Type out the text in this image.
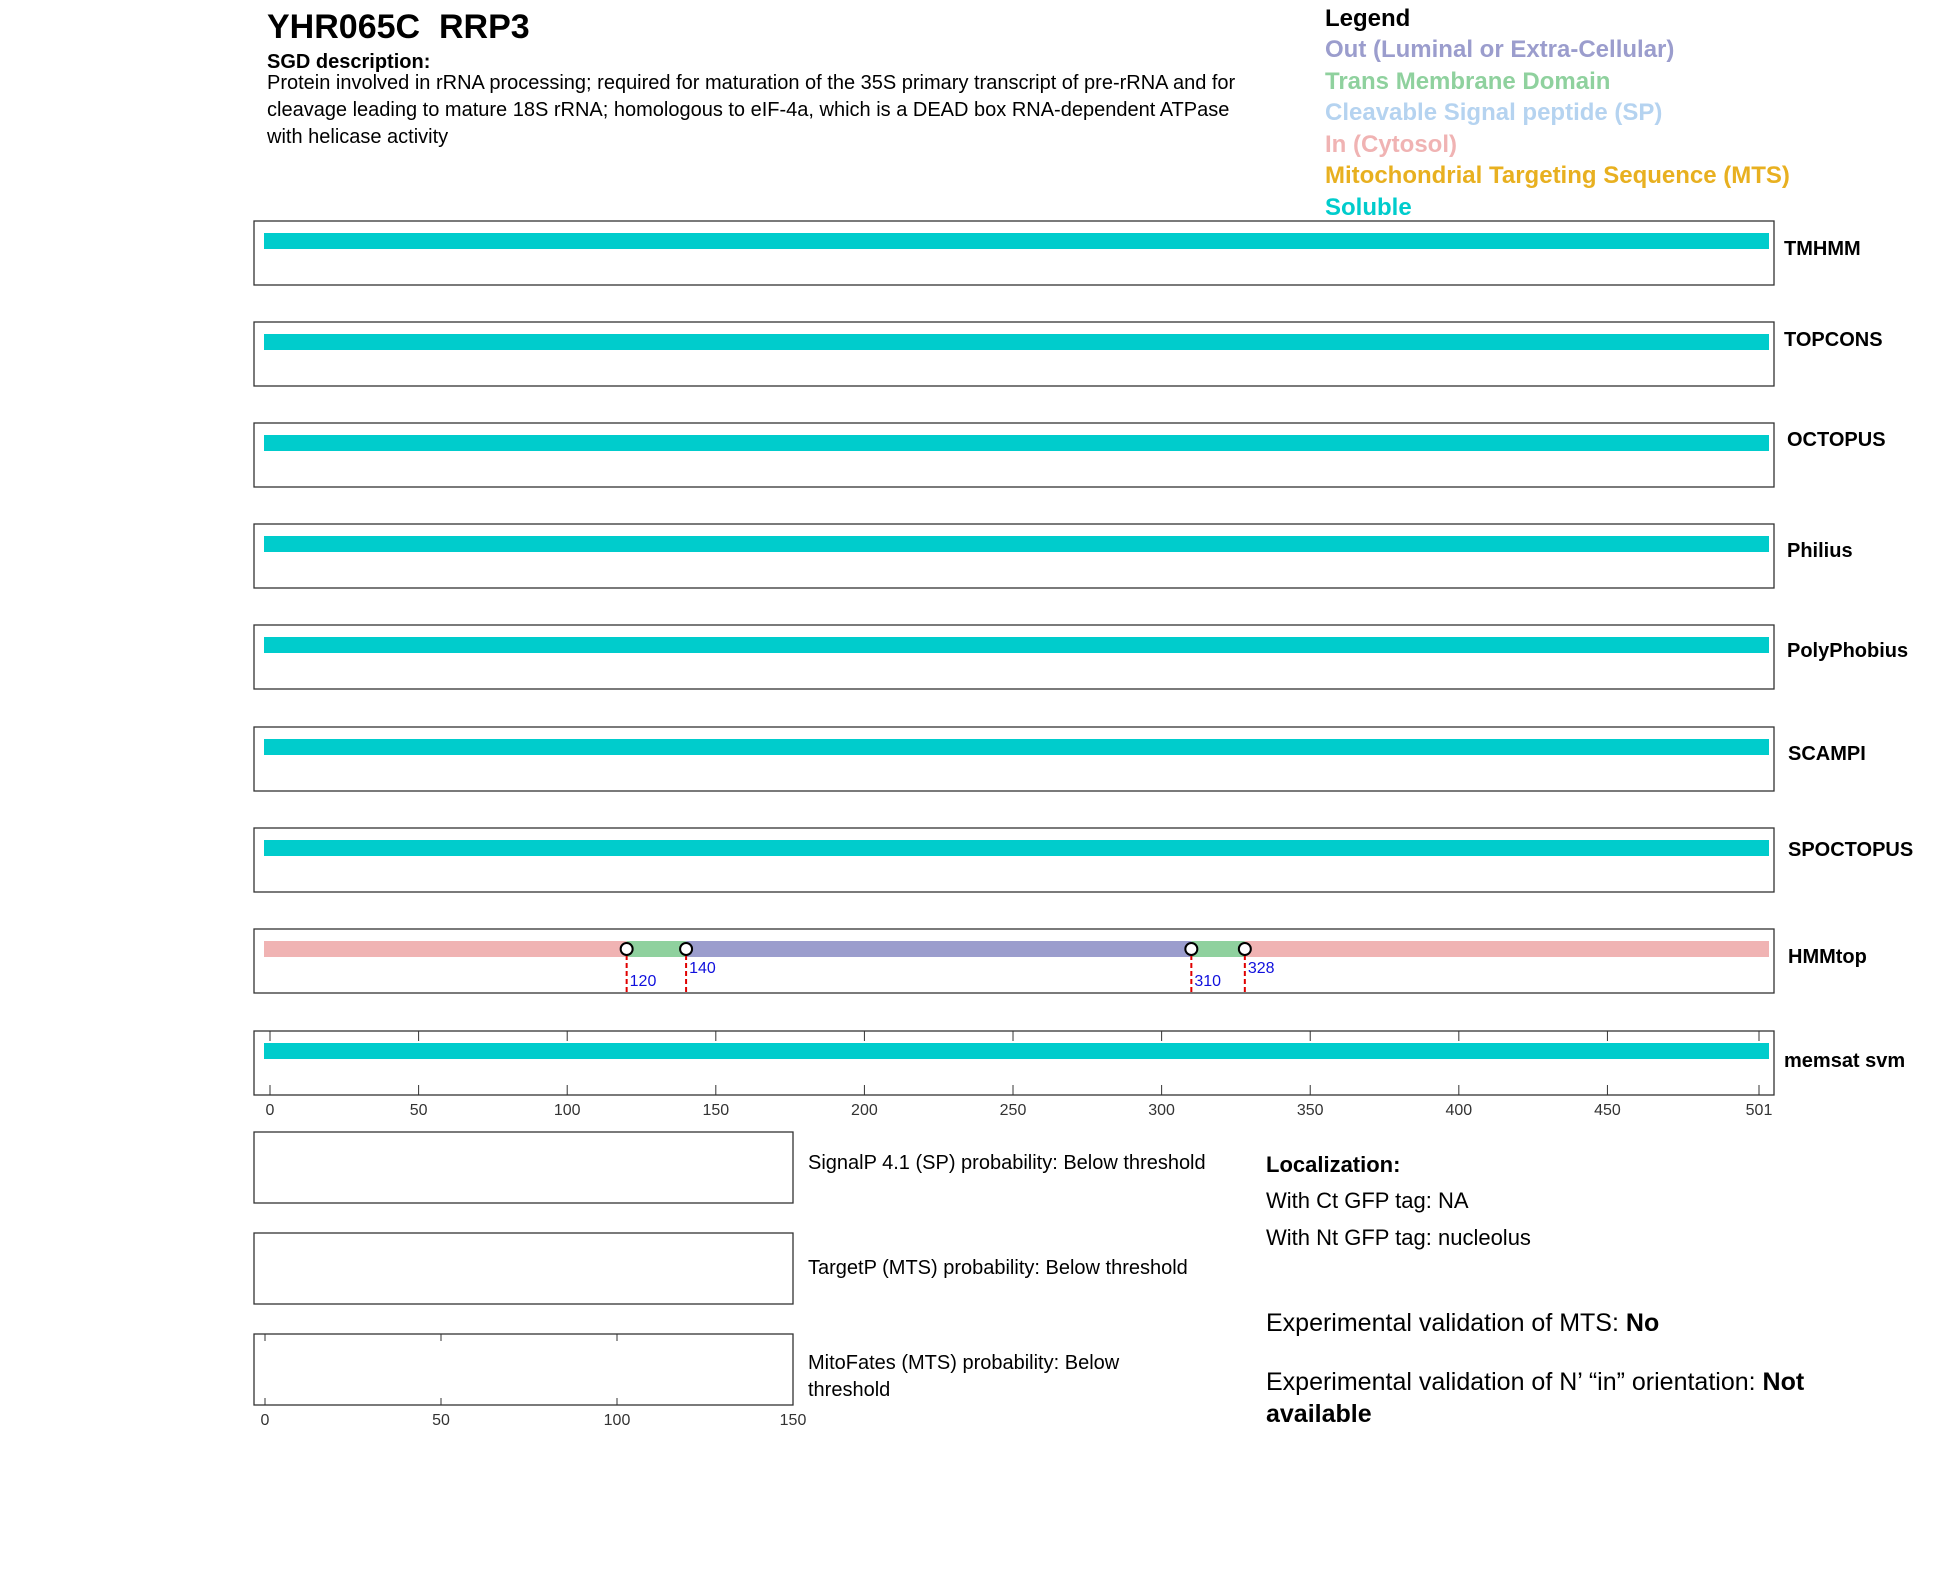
YHR065C RRP3
SGD description:
Protein involved in rRNA processing; required for maturation of the 35S primary transcript of pre-rRNA and for
cleavage leading to mature 18S rRNA; homologous to eIF-4a, which is a DEAD box RNA-dependent ATPase
with helicase activity
Legend
Out (Luminal or Extra-Cellular)
Trans Membrane Domain
Cleavable Signal peptide (SP)
In (Cytosol)
Mitochondrial Targeting Sequence (MTS)
Soluble
TMHMM
TOPCONS
OCTOPUS
Philius
PolyPhobius
SCAMPI
SPOCTOPUS
HMMtop
120
140
310
328
memsat svm
0	50	100	150	200	250	300	350	400	450	501
0	50	100	150
SignalP 4.1 (SP) probability: Below threshold
TargetP (MTS) probability: Below threshold
MitoFates (MTS) probability: Below
threshold
Localization:
With Ct GFP tag: NA
With Nt GFP tag: nucleolus
Experimental validation of MTS: No
Experimental validation of N’ “in” orientation: Not
available
